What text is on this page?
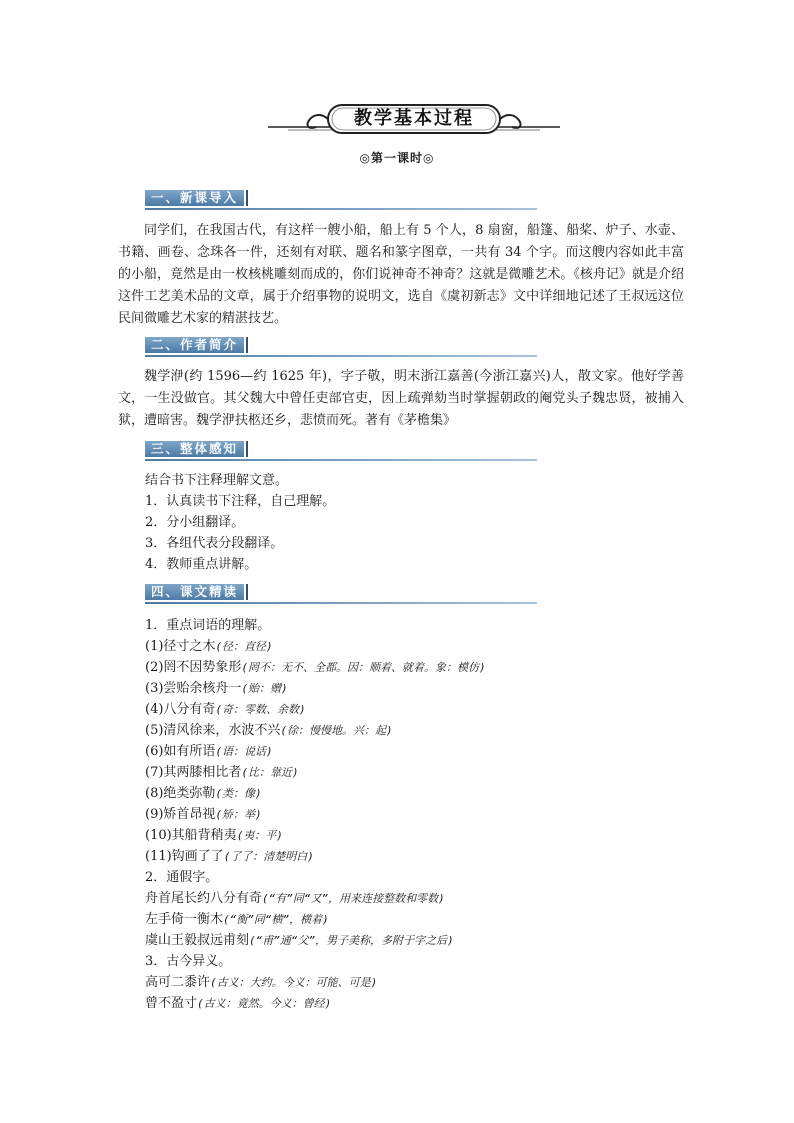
教学基本过程
◎第一课时◎
一、新课导入

同学们，在我国古代，有这样一艘小船，船上有 5 个人，8 扇窗，船篷、船桨、炉子、水壶、书籍、画卷、念珠各一件，还刻有对联、题名和篆字图章，一共有 34 个字。而这艘内容如此丰富的小船，竟然是由一枚核桃雕刻而成的，你们说神奇不神奇？这就是微雕艺术。《核舟记》就是介绍这件工艺美术品的文章，属于介绍事物的说明文，选自《虞初新志》文中详细地记述了王叔远这位民间微雕艺术家的精湛技艺。

二、作者简介

魏学洢(约 1596—约 1625 年)，字子敬，明末浙江嘉善(今浙江嘉兴)人，散文家。他好学善文，一生没做官。其父魏大中曾任吏部官吏，因上疏弹劾当时掌握朝政的阉党头子魏忠贤，被捕入狱，遭暗害。魏学洢扶柩还乡，悲愤而死。著有《茅檐集》

三、整体感知

结合书下注释理解文意。

1．认真读书下注释，自己理解。

2．分小组翻译。

3．各组代表分段翻译。

4．教师重点讲解。

四、课文精读

1．重点词语的理解。

(1)径寸之木(径：直径)

(2)罔不因势象形(罔不：无不、全都。因：顺着、就着。象：模仿)

(3)尝贻余核舟一(贻：赠)

(4)八分有奇(奇：零数、余数)

(5)清风徐来，水波不兴(徐：慢慢地。兴：起)

(6)如有所语(语：说话)

(7)其两膝相比者(比：靠近)

(8)绝类弥勒(类：像)

(9)矫首昂视(矫：举)

(10)其船背稍夷(夷：平)

(11)钩画了了(了了：清楚明白)

2．通假字。

舟首尾长约八分有奇(“有”同“又”，用来连接整数和零数)

左手倚一衡木(“衡”同“横”，横着)

虞山王毅叔远甫刻(“甫”通“父”，男子美称，多附于字之后)

3．古今异义。

高可二黍许(古义：大约。今义：可能、可是)

曾不盈寸(古义：竟然。今义：曾经)
